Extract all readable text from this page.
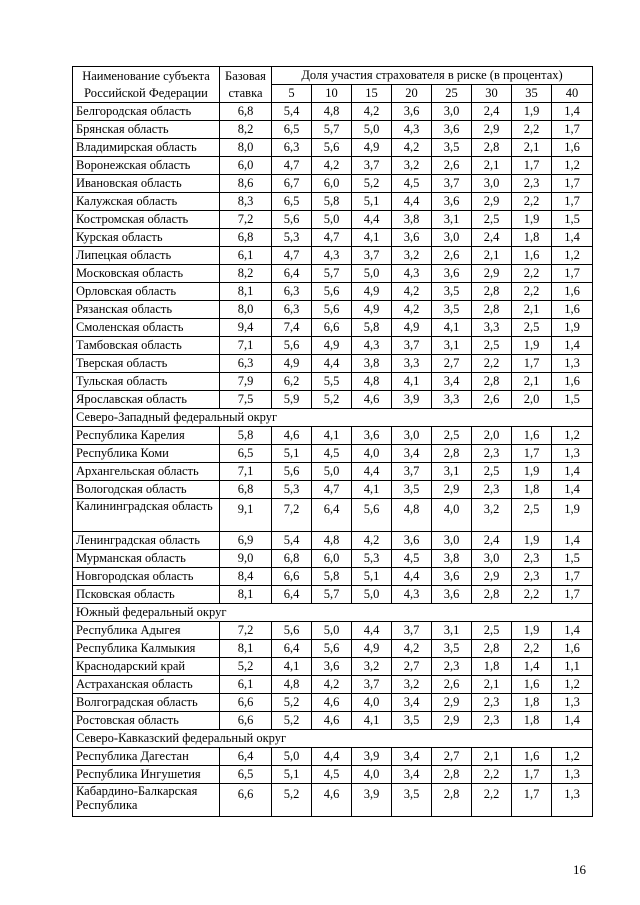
Наименование субъекта Российской Федерации	Базовая ставка	Доля участия страхователя в риске (в процентах)							
		5	10	15	20	25	30	35	40
Белгородская область	6,8	5,4	4,8	4,2	3,6	3,0	2,4	1,9	1,4
Брянская область	8,2	6,5	5,7	5,0	4,3	3,6	2,9	2,2	1,7
Владимирская область	8,0	6,3	5,6	4,9	4,2	3,5	2,8	2,1	1,6
Воронежская область	6,0	4,7	4,2	3,7	3,2	2,6	2,1	1,7	1,2
Ивановская область	8,6	6,7	6,0	5,2	4,5	3,7	3,0	2,3	1,7
Калужская область	8,3	6,5	5,8	5,1	4,4	3,6	2,9	2,2	1,7
Костромская область	7,2	5,6	5,0	4,4	3,8	3,1	2,5	1,9	1,5
Курская область	6,8	5,3	4,7	4,1	3,6	3,0	2,4	1,8	1,4
Липецкая область	6,1	4,7	4,3	3,7	3,2	2,6	2,1	1,6	1,2
Московская область	8,2	6,4	5,7	5,0	4,3	3,6	2,9	2,2	1,7
Орловская область	8,1	6,3	5,6	4,9	4,2	3,5	2,8	2,2	1,6
Рязанская область	8,0	6,3	5,6	4,9	4,2	3,5	2,8	2,1	1,6
Смоленская область	9,4	7,4	6,6	5,8	4,9	4,1	3,3	2,5	1,9
Тамбовская область	7,1	5,6	4,9	4,3	3,7	3,1	2,5	1,9	1,4
Тверская область	6,3	4,9	4,4	3,8	3,3	2,7	2,2	1,7	1,3
Тульская область	7,9	6,2	5,5	4,8	4,1	3,4	2,8	2,1	1,6
Ярославская область	7,5	5,9	5,2	4,6	3,9	3,3	2,6	2,0	1,5
Северо-Западный федеральный округ									
Республика Карелия	5,8	4,6	4,1	3,6	3,0	2,5	2,0	1,6	1,2
Республика Коми	6,5	5,1	4,5	4,0	3,4	2,8	2,3	1,7	1,3
Архангельская область	7,1	5,6	5,0	4,4	3,7	3,1	2,5	1,9	1,4
Вологодская область	6,8	5,3	4,7	4,1	3,5	2,9	2,3	1,8	1,4
Калининградская область	9,1	7,2	6,4	5,6	4,8	4,0	3,2	2,5	1,9
Ленинградская область	6,9	5,4	4,8	4,2	3,6	3,0	2,4	1,9	1,4
Мурманская область	9,0	6,8	6,0	5,3	4,5	3,8	3,0	2,3	1,5
Новгородская область	8,4	6,6	5,8	5,1	4,4	3,6	2,9	2,3	1,7
Псковская область	8,1	6,4	5,7	5,0	4,3	3,6	2,8	2,2	1,7
Южный федеральный округ									
Республика Адыгея	7,2	5,6	5,0	4,4	3,7	3,1	2,5	1,9	1,4
Республика Калмыкия	8,1	6,4	5,6	4,9	4,2	3,5	2,8	2,2	1,6
Краснодарский край	5,2	4,1	3,6	3,2	2,7	2,3	1,8	1,4	1,1
Астраханская область	6,1	4,8	4,2	3,7	3,2	2,6	2,1	1,6	1,2
Волгоградская область	6,6	5,2	4,6	4,0	3,4	2,9	2,3	1,8	1,3
Ростовская область	6,6	5,2	4,6	4,1	3,5	2,9	2,3	1,8	1,4
Северо-Кавказский федеральный округ									
Республика Дагестан	6,4	5,0	4,4	3,9	3,4	2,7	2,1	1,6	1,2
Республика Ингушетия	6,5	5,1	4,5	4,0	3,4	2,8	2,2	1,7	1,3
Кабардино-Балкарская Республика	6,6	5,2	4,6	3,9	3,5	2,8	2,2	1,7	1,3
16
